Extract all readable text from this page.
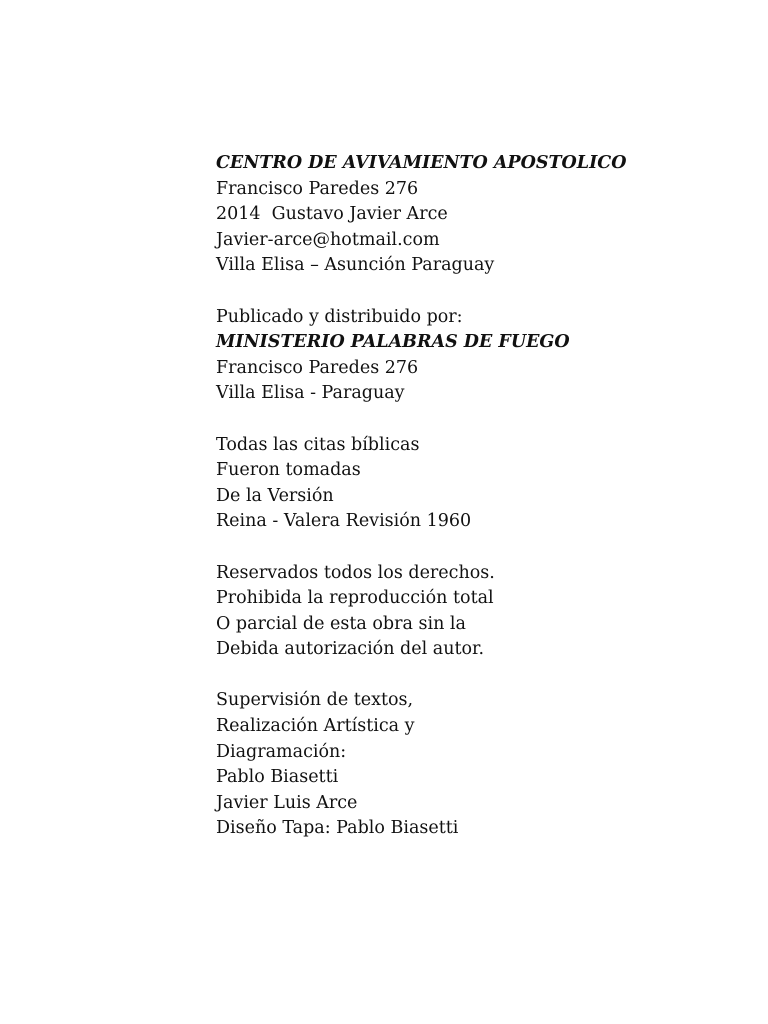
CENTRO DE AVIVAMIENTO APOSTOLICO
Francisco Paredes 276
2014  Gustavo Javier Arce
Javier-arce@hotmail.com
Villa Elisa – Asunción Paraguay
Publicado y distribuido por:
MINISTERIO PALABRAS DE FUEGO
Francisco Paredes 276
Villa Elisa - Paraguay
Todas las citas bíblicas
Fueron tomadas
De la Versión
Reina - Valera Revisión 1960
Reservados todos los derechos.
Prohibida la reproducción total
O parcial de esta obra sin la
Debida autorización del autor.
Supervisión de textos,
Realización Artística y
Diagramación:
Pablo Biasetti
Javier Luis Arce
Diseño Tapa: Pablo Biasetti
